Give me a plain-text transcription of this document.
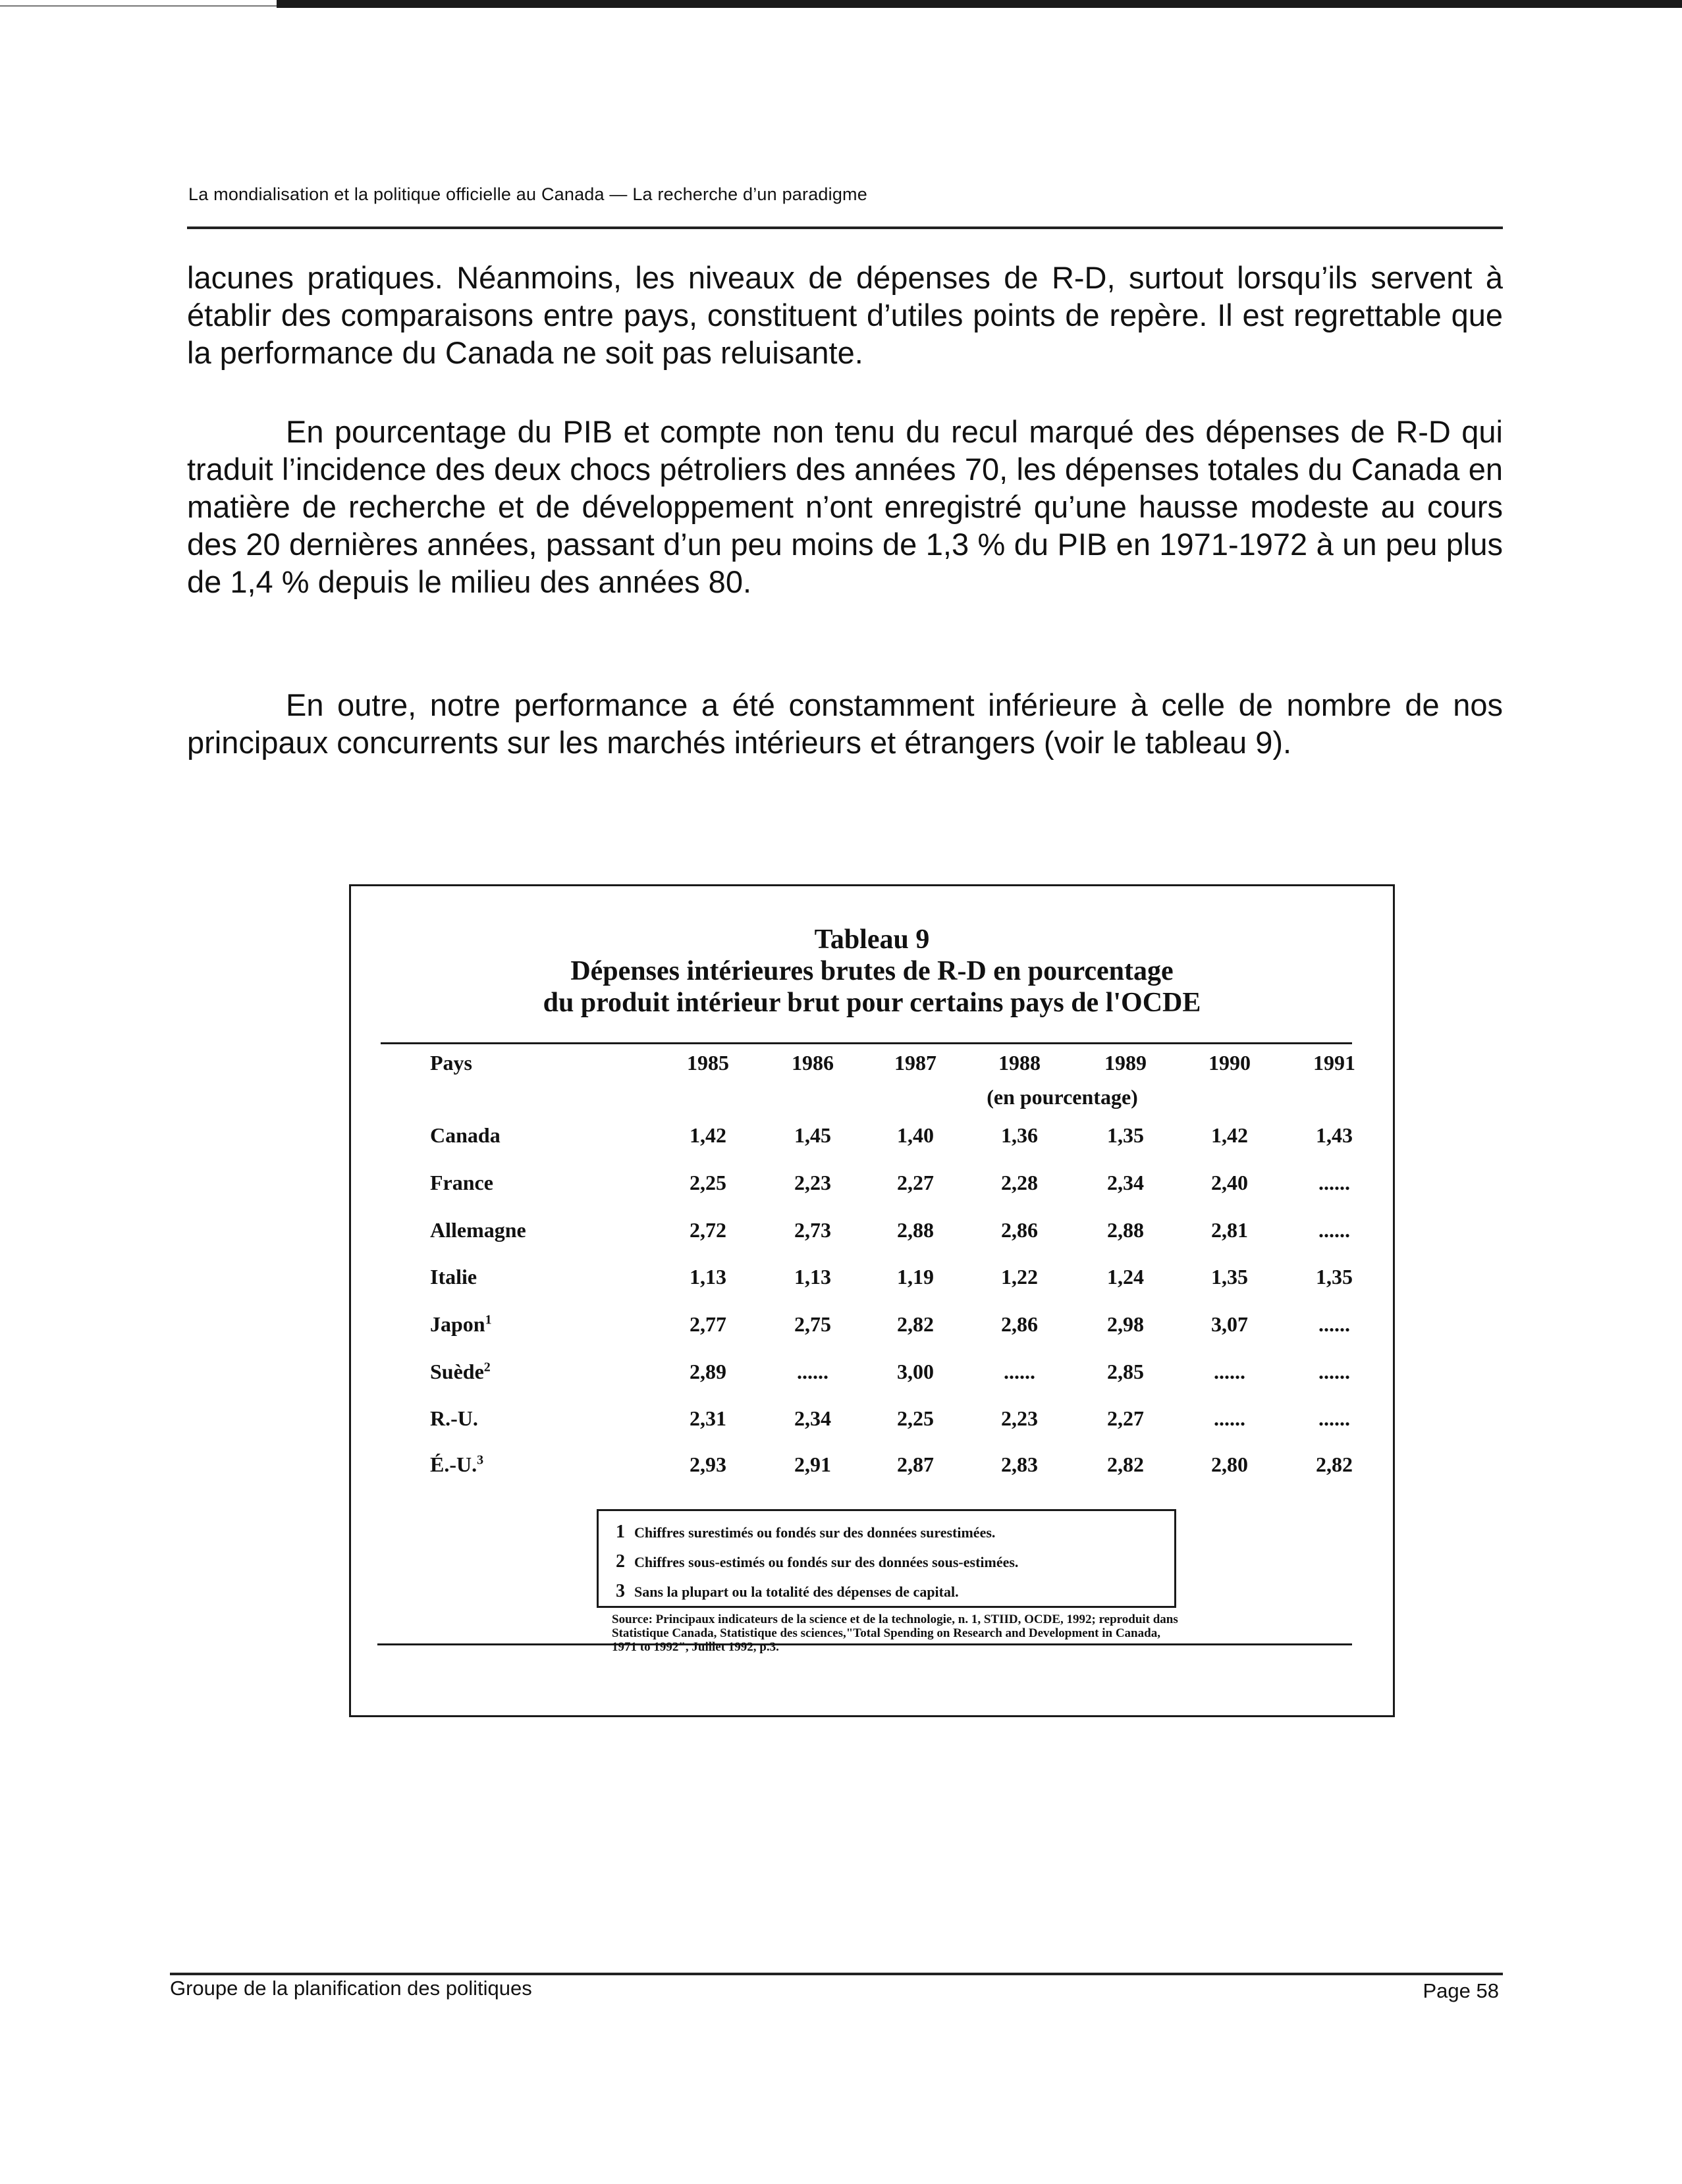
La mondialisation et la politique officielle au Canada — La recherche d’un paradigme

lacunes pratiques. Néanmoins, les niveaux de dépenses de R-D, surtout lorsqu’ils servent à établir des comparaisons entre pays, constituent d’utiles points de repère. Il est regrettable que la performance du Canada ne soit pas reluisante.

En pourcentage du PIB et compte non tenu du recul marqué des dépenses de R-D qui traduit l’incidence des deux chocs pétroliers des années 70, les dépenses totales du Canada en matière de recherche et de développement n’ont enregistré qu’une hausse modeste au cours des 20 dernières années, passant d’un peu moins de 1,3 % du PIB en 1971-1972 à un peu plus de 1,4 % depuis le milieu des années 80.

En outre, notre performance a été constamment inférieure à celle de nombre de nos principaux concurrents sur les marchés intérieurs et étrangers (voir le tableau 9).

Tableau 9
Dépenses intérieures brutes de R-D en pourcentage
du produit intérieur brut pour certains pays de l'OCDE
Pays	1985	1986	1987	1988	1989	1990	1991
(en pourcentage)
Canada	1,42	1,45	1,40	1,36	1,35	1,42	1,43
France	2,25	2,23	2,27	2,28	2,34	2,40	......
Allemagne	2,72	2,73	2,88	2,86	2,88	2,81	......
Italie	1,13	1,13	1,19	1,22	1,24	1,35	1,35
Japon$^1$	2,77	2,75	2,82	2,86	2,98	3,07	......
Suède$^2$	2,89	......	3,00	......	2,85	......	......
R.-U.	2,31	2,34	2,25	2,23	2,27	......	......
É.-U.$^3$	2,93	2,91	2,87	2,83	2,82	2,80	2,82
1 Chiffres surestimés ou fondés sur des données surestimées.
2 Chiffres sous-estimés ou fondés sur des données sous-estimées.
3 Sans la plupart ou la totalité des dépenses de capital.
Source: Principaux indicateurs de la science et de la technologie, n. 1, STIID, OCDE, 1992; reproduit dans Statistique Canada, Statistique des sciences,"Total Spending on Research and Development in Canada, 1971 to 1992", Juillet 1992, p.3.
Groupe de la planification des politiques	Page 58
